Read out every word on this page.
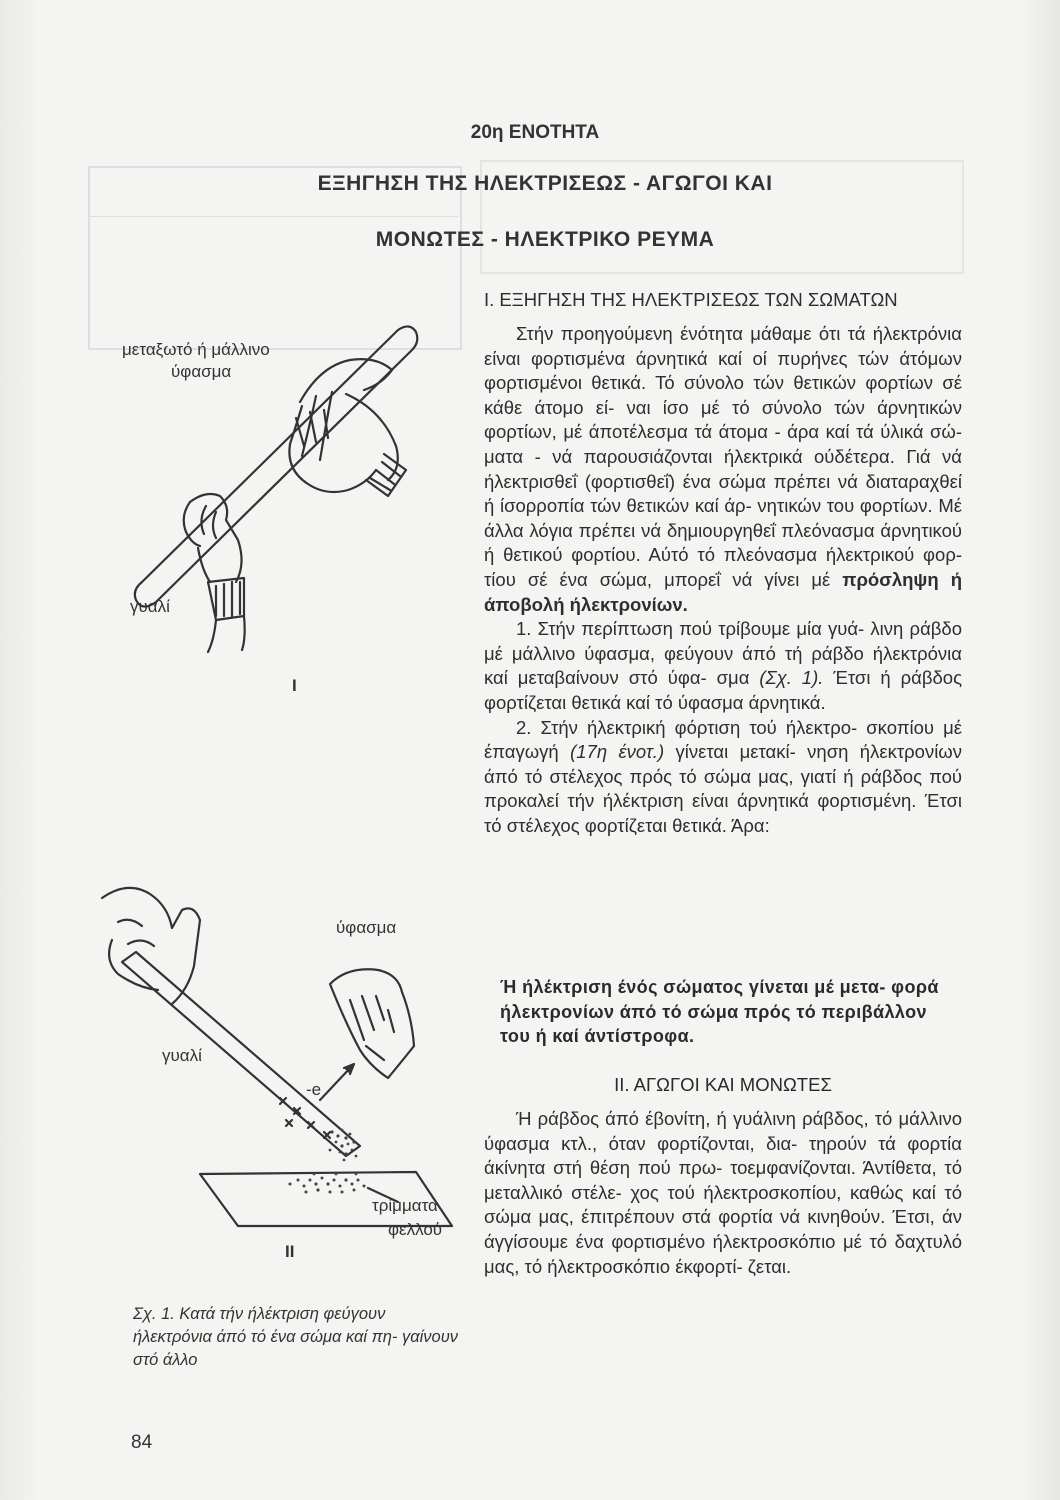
20η ΕΝΟΤΗΤΑ
ΕΞΗΓΗΣΗ ΤΗΣ ΗΛΕΚΤΡΙΣΕΩΣ - ΑΓΩΓΟΙ ΚΑΙ
ΜΟΝΩΤΕΣ - ΗΛΕΚΤΡΙΚΟ ΡΕΥΜΑ
Ι. ΕΞΗΓΗΣΗ ΤΗΣ ΗΛΕΚΤΡΙΣΕΩΣ ΤΩΝ ΣΩΜΑΤΩΝ

Στήν προηγούμενη ένότητα μάθαμε ότι τά ήλεκτρόνια είναι φορτισμένα άρνητικά καί οί πυρήνες τών άτόμων φορτισμένοι θετικά. Τό σύνολο τών θετικών φορτίων σέ κάθε άτομο εί- ναι ίσο μέ τό σύνολο τών άρνητικών φορτίων, μέ άποτέλεσμα τά άτομα - άρα καί τά ύλικά σώ- ματα - νά παρουσιάζονται ήλεκτρικά ούδέτερα. Γιά νά ήλεκτρισθεΐ (φορτισθεΐ) ένα σώμα πρέπει νά διαταραχθεί ή ίσορροπία τών θετικών καί άρ- νητικών του φορτίων. Μέ άλλα λόγια πρέπει νά δημιουργηθεΐ πλεόνασμα άρνητικού ή θετικού φορτίου. Αύτό τό πλεόνασμα ήλεκτρικού φορ- τίου σέ ένα σώμα, μπορεΐ νά γίνει μέ πρόσληψη ή άποβολή ήλεκτρονίων.

1. Στήν περίπτωση πού τρίβουμε μία γυά- λινη ράβδο μέ μάλλινο ύφασμα, φεύγουν άπό τή ράβδο ήλεκτρόνια καί μεταβαίνουν στό ύφα- σμα (Σχ. 1). Έτσι ή ράβδος φορτίζεται θετικά καί τό ύφασμα άρνητικά.

2. Στήν ήλεκτρική φόρτιση τού ήλεκτρο- σκοπίου μέ έπαγωγή (17η ένοτ.) γίνεται μετακί- νηση ήλεκτρονίων άπό τό στέλεχος πρός τό σώμα μας, γιατί ή ράβδος πού προκαλεί τήν ήλέκτριση είναι άρνητικά φορτισμένη. Έτσι τό στέλεχος φορτίζεται θετικά. Άρα:

Ή ήλέκτριση ένός σώματος γίνεται μέ μετα- φορά ήλεκτρονίων άπό τό σώμα πρός τό περιβάλλον του ή καί άντίστροφα.
ΙΙ. ΑΓΩΓΟΙ ΚΑΙ ΜΟΝΩΤΕΣ

Ή ράβδος άπό έβονίτη, ή γυάλινη ράβδος, τό μάλλινο ύφασμα κτλ., όταν φορτίζονται, δια- τηρούν τά φορτία άκίνητα στή θέση πού πρω- τοεμφανίζονται. Άντίθετα, τό μεταλλικό στέλε- χος τού ήλεκτροσκοπίου, καθώς καί τό σώμα μας, έπιτρέπουν στά φορτία νά κινηθούν. Έτσι, άν άγγίσουμε ένα φορτισμένο ήλεκτροσκόπιο μέ τό δαχτυλό μας, τό ήλεκτροσκόπιο έκφορτί- ζεται.

μεταξωτό ή μάλλινο
ύφασμα
γυαλί
I
ύφασμα
γυαλί
-e
τρίμματα
φελλού
II
Σχ. 1. Κατά τήν ήλέκτριση φεύγουν ήλεκτρόνια άπό τό ένα σώμα καί πη- γαίνουν στό άλλο
84
